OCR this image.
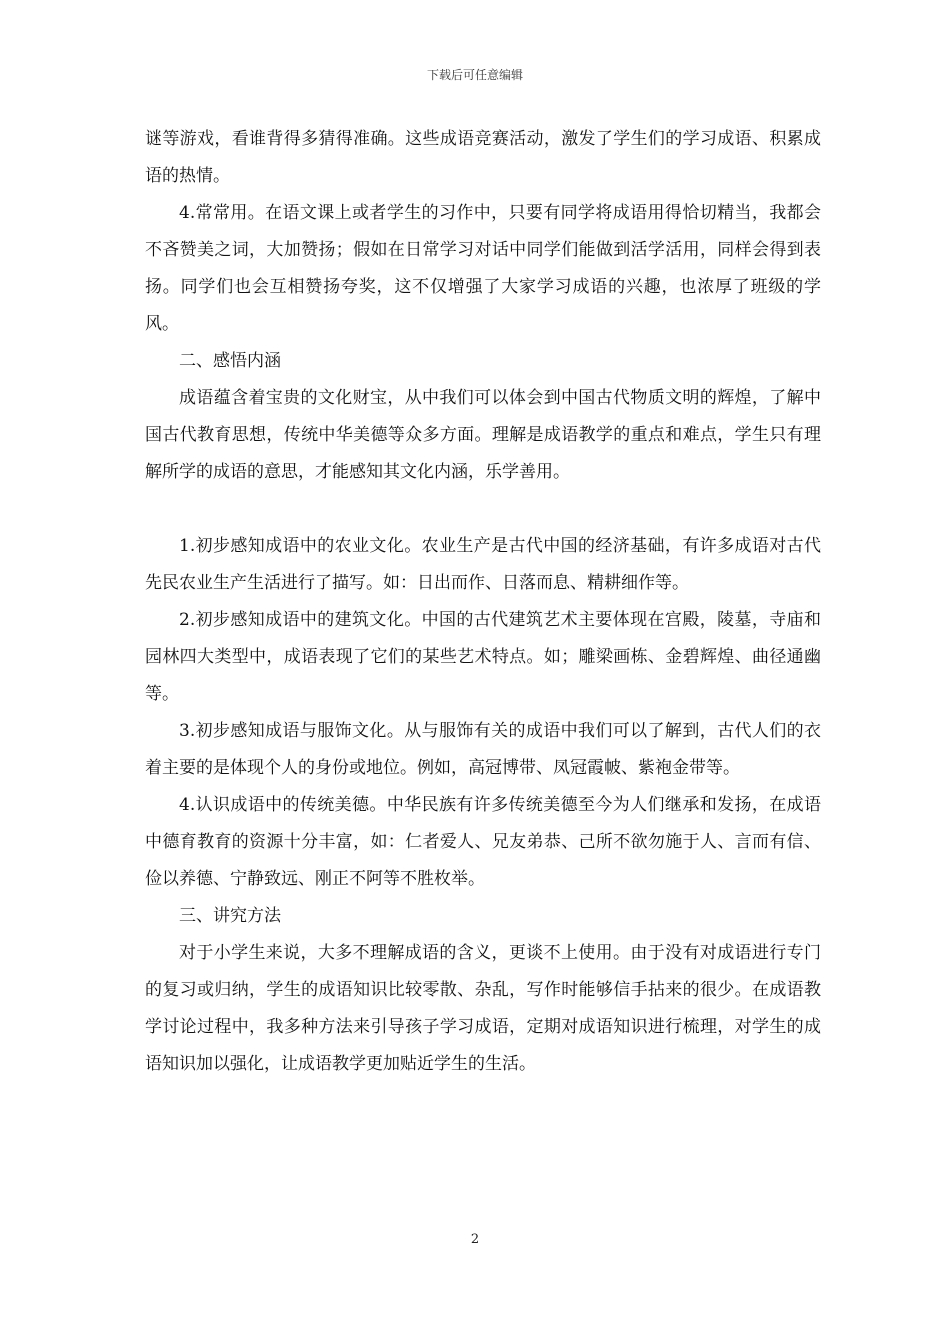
下载后可任意编辑

谜等游戏，看谁背得多猜得准确。这些成语竞赛活动，激发了学生们的学习成语、积累成语的热情。

4.常常用。在语文课上或者学生的习作中，只要有同学将成语用得恰切精当，我都会不吝赞美之词，大加赞扬；假如在日常学习对话中同学们能做到活学活用，同样会得到表扬。同学们也会互相赞扬夸奖，这不仅增强了大家学习成语的兴趣，也浓厚了班级的学风。

二、感悟内涵

成语蕴含着宝贵的文化财宝，从中我们可以体会到中国古代物质文明的辉煌，了解中国古代教育思想，传统中华美德等众多方面。理解是成语教学的重点和难点，学生只有理解所学的成语的意思，才能感知其文化内涵，乐学善用。

1.初步感知成语中的农业文化。农业生产是古代中国的经济基础，有许多成语对古代先民农业生产生活进行了描写。如：日出而作、日落而息、精耕细作等。

2.初步感知成语中的建筑文化。中国的古代建筑艺术主要体现在宫殿，陵墓，寺庙和园林四大类型中，成语表现了它们的某些艺术特点。如；雕梁画栋、金碧辉煌、曲径通幽等。

3.初步感知成语与服饰文化。从与服饰有关的成语中我们可以了解到，古代人们的衣着主要的是体现个人的身份或地位。例如，高冠博带、凤冠霞帔、紫袍金带等。

4.认识成语中的传统美德。中华民族有许多传统美德至今为人们继承和发扬，在成语中德育教育的资源十分丰富，如：仁者爱人、兄友弟恭、己所不欲勿施于人、言而有信、俭以养德、宁静致远、刚正不阿等不胜枚举。

三、讲究方法

对于小学生来说，大多不理解成语的含义，更谈不上使用。由于没有对成语进行专门的复习或归纳，学生的成语知识比较零散、杂乱，写作时能够信手拈来的很少。在成语教学讨论过程中，我多种方法来引导孩子学习成语，定期对成语知识进行梳理，对学生的成语知识加以强化，让成语教学更加贴近学生的生活。

2
